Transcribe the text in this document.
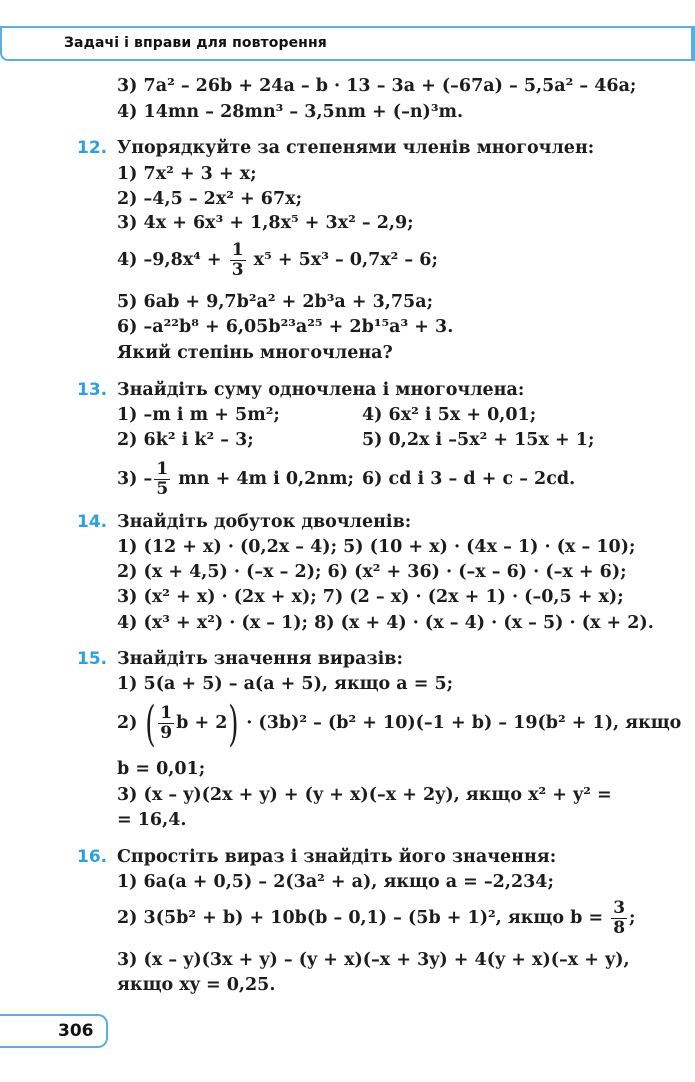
Задачі і вправи для повторення
3) 7a² – 26b + 24a – b · 13 – 3a + (–67a) – 5,5a² – 46a;
4) 14mn – 28mn³ – 3,5nm + (–n)³m.
12. Упорядкуйте за степенями членів многочлен:
1) 7x² + 3 + x;
2) –4,5 – 2x² + 67x;
3) 4x + 6x³ + 1,8x⁵ + 3x² – 2,9;
4) $-9,8x^4 + \frac{1}{3} x^5 + 5x^3 - 0,7x^2 - 6$;
5) 6ab + 9,7b²a² + 2b³a + 3,75a;
6) –a²²b⁸ + 6,05b²³a²⁵ + 2b¹⁵a³ + 3.
Який степінь многочлена?
13. Знайдіть суму одночлена і многочлена:
1) –m і m + 5m²;	4) 6x² і 5x + 0,01;
2) 6k² і k² – 3;	5) 0,2x і –5x² + 15x + 1;
$3) - \frac{1}{5}$ mn + 4m і 0,2nm; 6) cd і 3 – d + c – 2cd.
14. Знайдіть добуток двочленів:
1) (12 + x) · (0,2x – 4); 5) (10 + x) · (4x – 1) · (x – 10);
2) (x + 4,5) · (–x – 2); 6) (x² + 36) · (–x – 6) · (–x + 6);
3) (x² + x) · (2x + x); 7) (2 – x) · (2x + 1) · (–0,5 + x);
4) (x³ + x²) · (x – 1); 8) (x + 4) · (x – 4) · (x – 5) · (x + 2).
15. Знайдіть значення виразів:
1) 5(a + 5) – a(a + 5), якщо a = 5;
2) ( $\frac{1}{9}$ b + 2) · (3b)² – (b² + 10)(–1 + b) – 19(b² + 1), якщо
b = 0,01;
3) (x – y)(2x + y) + (y + x)(–x + 2y), якщо x² + y² =
= 16,4.
16. Спростіть вираз і знайдіть його значення:
1) 6a(a + 0,5) – 2(3a² + a), якщо a = –2,234;
2) 3(5b² + b) + 10b(b – 0,1) – (5b + 1)², якщо $b = \frac{3}{8}$ ;
3) (x – y)(3x + y) – (y + x)(–x + 3y) + 4(y + x)(–x + y),
якщо xy = 0,25.
306
